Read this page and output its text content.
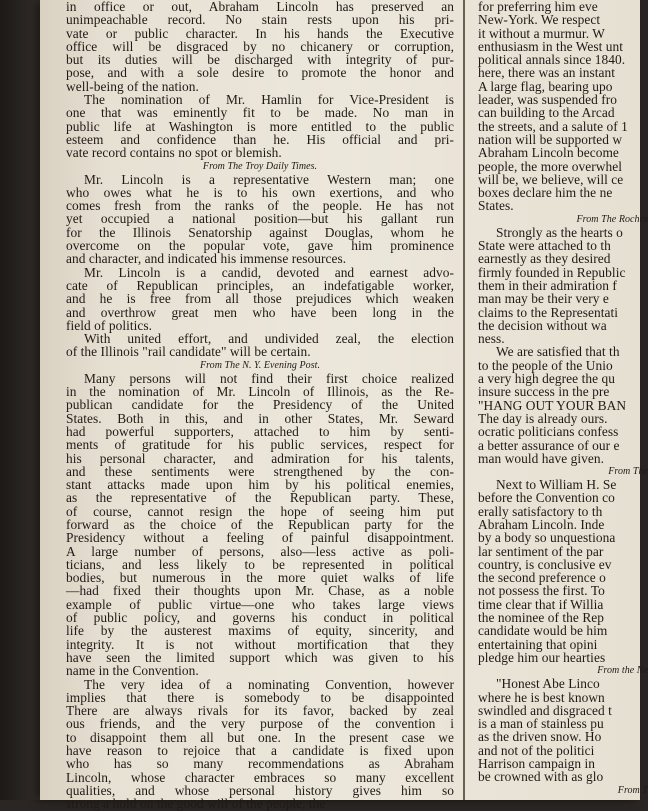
in office or out, Abraham Lincoln has preserved an
unimpeachable record. No stain rests upon his pri-
vate or public character. In his hands the Executive
office will be disgraced by no chicanery or corruption,
but its duties will be discharged with integrity of pur-
pose, and with a sole desire to promote the honor and
well-being of the nation.

The nomination of Mr. Hamlin for Vice-President is
one that was eminently fit to be made. No man in
public life at Washington is more entitled to the public
esteem and confidence than he. His official and pri-
vate record contains no spot or blemish.

From The Troy Daily Times.

Mr. Lincoln is a representative Western man; one
who owes what he is to his own exertions, and who
comes fresh from the ranks of the people. He has not
yet occupied a national position—but his gallant run
for the Illinois Senatorship against Douglas, whom he
overcome on the popular vote, gave him prominence
and character, and indicated his immense resources.

Mr. Lincoln is a candid, devoted and earnest advo-
cate of Republican principles, an indefatigable worker,
and he is free from all those prejudices which weaken
and overthrow great men who have been long in the
field of politics.

With united effort, and undivided zeal, the election
of the Illinois "rail candidate" will be certain.

From The N. Y. Evening Post.

Many persons will not find their first choice realized
in the nomination of Mr. Lincoln of Illinois, as the Re-
publican candidate for the Presidency of the United
States. Both in this, and in other States, Mr. Seward
had powerful supporters, attached to him by senti-
ments of gratitude for his public services, respect for
his personal character, and admiration for his talents,
and these sentiments were strengthened by the con-
stant attacks made upon him by his political enemies,
as the representative of the Republican party. These,
of course, cannot resign the hope of seeing him put
forward as the choice of the Republican party for the
Presidency without a feeling of painful disappointment.
A large number of persons, also—less active as poli-
ticians, and less likely to be represented in political
bodies, but numerous in the more quiet walks of life
—had fixed their thoughts upon Mr. Chase, as a noble
example of public virtue—one who takes large views
of public policy, and governs his conduct in political
life by the austerest maxims of equity, sincerity, and
integrity. It is not without mortification that they
have seen the limited support which was given to his
name in the Convention.

The very idea of a nominating Convention, however
implies that there is somebody to be disappointed
There are always rivals for its favor, backed by zeal
ous friends, and the very purpose of the convention i
to disappoint them all but one. In the present case we
have reason to rejoice that a candidate is fixed upon
who has so many recommendations as Abraham
Lincoln, whose character embraces so many excellent
qualities, and whose personal history gives him so
strong a hold on the good will of the people, the

for preferring him eve
New-York. We respect
it without a murmur. W
enthusiasm in the West unt
political annals since 1840.
here, there was an instant
A large flag, bearing upo
leader, was suspended fro
can building to the Arcad
the streets, and a salute of 1
nation will be supported w
Abraham Lincoln become
people, the more overwhel
will be, we believe, will ce
boxes declare him the ne
States.

From The Roches

Strongly as the hearts o
State were attached to th
earnestly as they desired
firmly founded in Republic
them in their admiration f
man may be their very e
claims to the Representati
the decision without wa
ness.

We are satisfied that th
to the people of the Unio
a very high degree the qu
insure success in the pre
"HANG OUT YOUR BAN
The day is already ours.
ocratic politicians confess
a better assurance of our e
man would have given.

From The

Next to William H. Se
before the Convention co
erally satisfactory to th
Abraham Lincoln. Inde
by a body so unquestiona
lar sentiment of the par
country, is conclusive ev
the second preference o
not possess the first. To
time clear that if Willia
the nominee of the Rep
candidate would be him
entertaining that opini
pledge him our hearties

From the Ne

"Honest Abe Linco
where he is best known
swindled and disgraced t
is a man of stainless pu
as the driven snow. Ho
and not of the politici
Harrison campaign in
be crowned with as glo

From T
